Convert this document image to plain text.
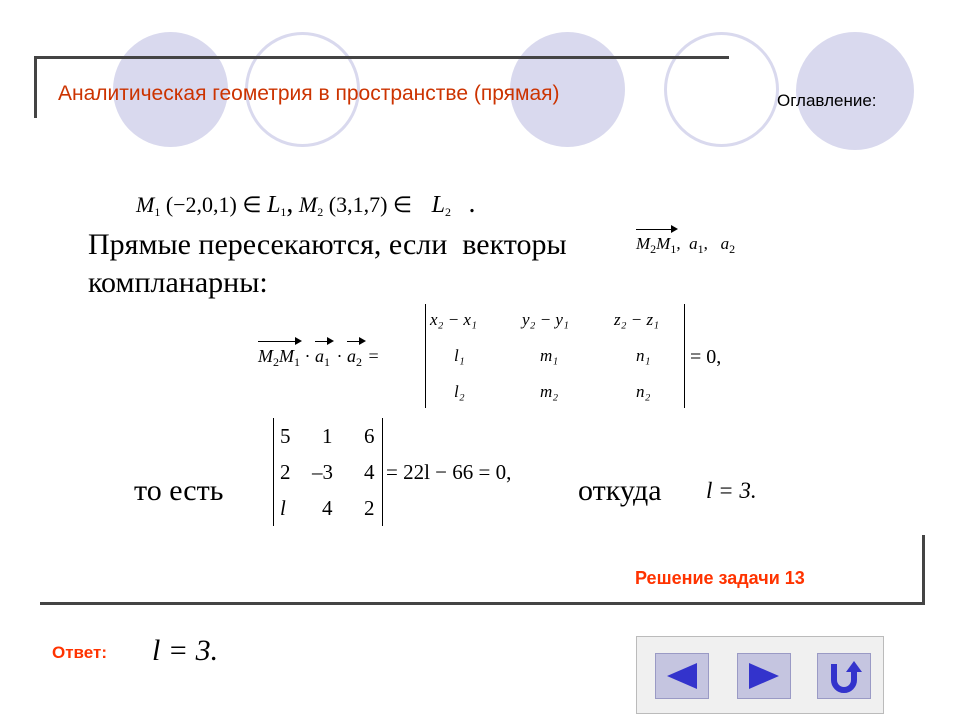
Аналитическая геометрия в пространстве (прямая)	Оглавление:
$M_1$ (−2,0,1) ∈ $L_1$, $M_2$ (3,1,7) ∈ $L_2$ .
Прямые пересекаются, если  векторы	$M_2M_1$, $a_1$, $a_2$
компланарны:
$M_2M_1 \cdot a_1 \cdot a_2$ =
x₂ − x₁	y₂ − y₁	z₂ − z₁
l₁	m₁	n₁
l₂	m₂	n₂
= 0,
то есть
5 1 6
2 –3 4
l 4 2
= 22l − 66 = 0,
откуда l = 3.
Решение задачи 13
Ответ: l = 3.
